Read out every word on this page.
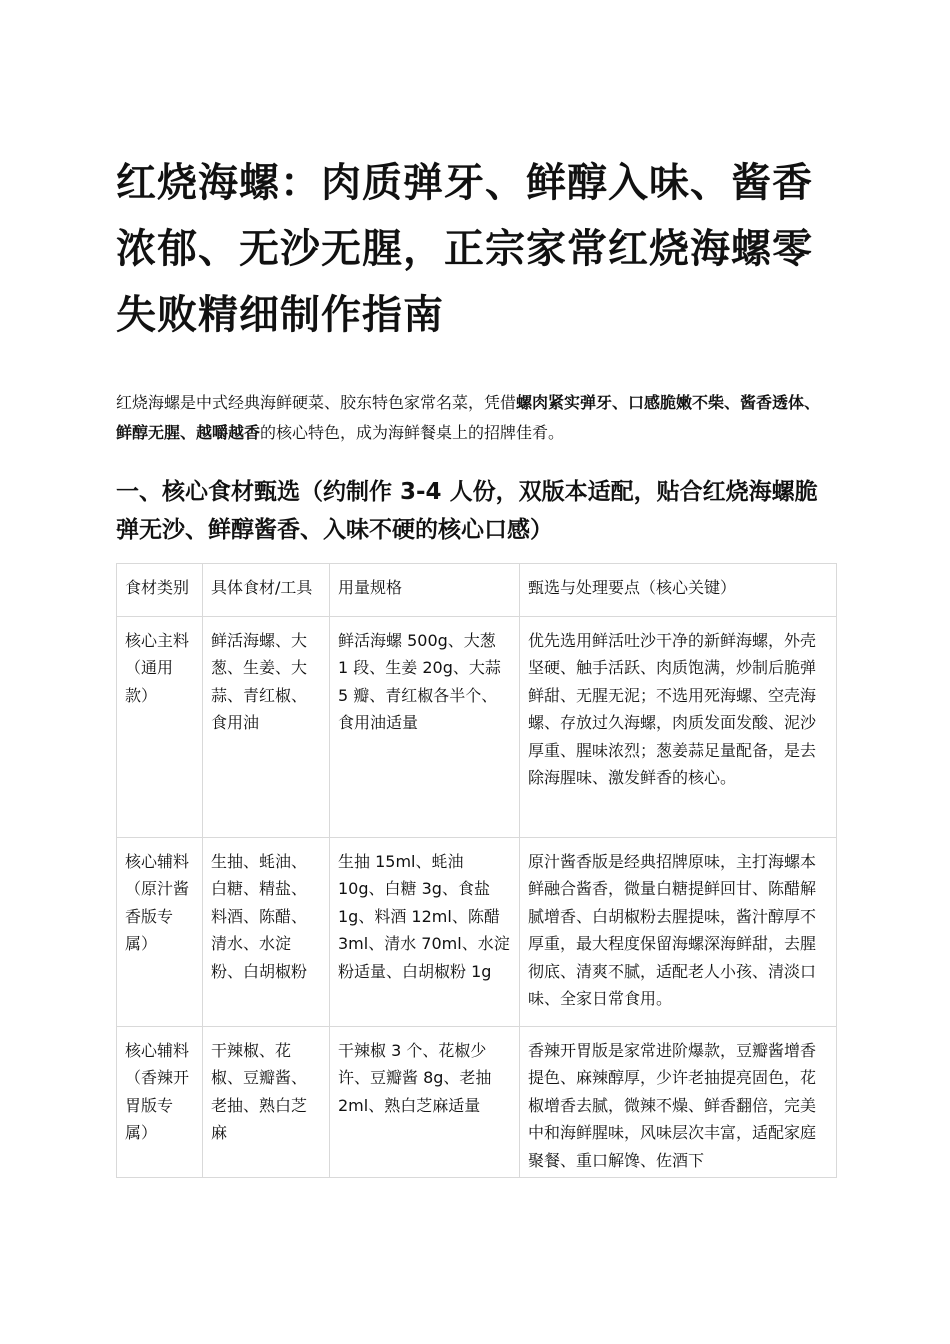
红烧海螺：肉质弹牙、鲜醇入味、酱香浓郁、无沙无腥，正宗家常红烧海螺零失败精细制作指南

红烧海螺是中式经典海鲜硬菜、胶东特色家常名菜，凭借螺肉紧实弹牙、口感脆嫩不柴、酱香透体、鲜醇无腥、越嚼越香的核心特色，成为海鲜餐桌上的招牌佳肴。

一、核心食材甄选（约制作 3-4 人份，双版本适配，贴合红烧海螺脆弹无沙、鲜醇酱香、入味不硬的核心口感）
食材类别	具体食材/工具	用量规格	甄选与处理要点（核心关键）
核心主料（通用款）	鲜活海螺、大葱、生姜、大蒜、青红椒、食用油	鲜活海螺 500g、大葱 1 段、生姜 20g、大蒜 5 瓣、青红椒各半个、食用油适量	优先选用鲜活吐沙干净的新鲜海螺，外壳坚硬、触手活跃、肉质饱满，炒制后脆弹鲜甜、无腥无泥；不选用死海螺、空壳海螺、存放过久海螺，肉质发面发酸、泥沙厚重、腥味浓烈；葱姜蒜足量配备，是去除海腥味、激发鲜香的核心。
核心辅料（原汁酱香版专属）	生抽、蚝油、白糖、精盐、料酒、陈醋、清水、水淀粉、白胡椒粉	生抽 15ml、蚝油 10g、白糖 3g、食盐 1g、料酒 12ml、陈醋 3ml、清水 70ml、水淀粉适量、白胡椒粉 1g	原汁酱香版是经典招牌原味，主打海螺本鲜融合酱香，微量白糖提鲜回甘、陈醋解腻增香、白胡椒粉去腥提味，酱汁醇厚不厚重，最大程度保留海螺深海鲜甜，去腥彻底、清爽不腻，适配老人小孩、清淡口味、全家日常食用。
核心辅料（香辣开胃版专属）	干辣椒、花椒、豆瓣酱、老抽、熟白芝麻	干辣椒 3 个、花椒少许、豆瓣酱 8g、老抽 2ml、熟白芝麻适量	香辣开胃版是家常进阶爆款，豆瓣酱增香提色、麻辣醇厚，少许老抽提亮固色，花椒增香去腻，微辣不燥、鲜香翻倍，完美中和海鲜腥味，风味层次丰富，适配家庭聚餐、重口解馋、佐酒下
